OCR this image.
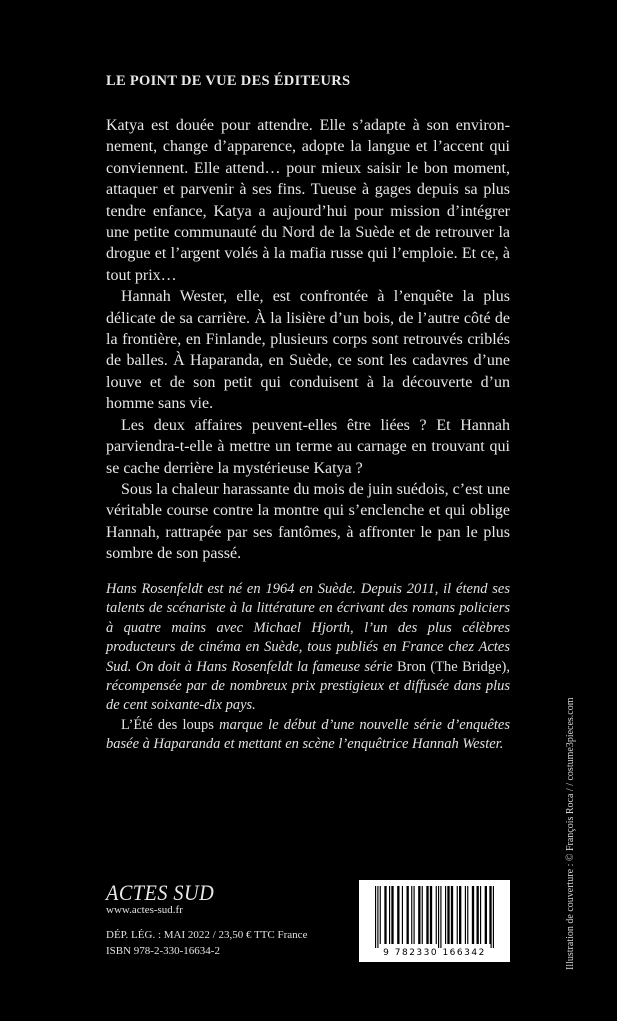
LE POINT DE VUE DES ÉDITEURS

Katya est douée pour attendre. Elle s’adapte à son environnement, change d’apparence, adopte la langue et l’accent qui conviennent. Elle attend… pour mieux saisir le bon moment, attaquer et parvenir à ses fins. Tueuse à gages depuis sa plus tendre enfance, Katya a aujourd’hui pour mission d’intégrer une petite communauté du Nord de la Suède et de retrouver la drogue et l’argent volés à la mafia russe qui l’emploie. Et ce, à tout prix…

Hannah Wester, elle, est confrontée à l’enquête la plus délicate de sa carrière. À la lisière d’un bois, de l’autre côté de la frontière, en Finlande, plusieurs corps sont retrouvés criblés de balles. À Haparanda, en Suède, ce sont les cadavres d’une louve et de son petit qui conduisent à la découverte d’un homme sans vie.

Les deux affaires peuvent-elles être liées ? Et Hannah parviendra-t-elle à mettre un terme au carnage en trouvant qui se cache derrière la mystérieuse Katya ?

Sous la chaleur harassante du mois de juin suédois, c’est une véritable course contre la montre qui s’enclenche et qui oblige Hannah, rattrapée par ses fantômes, à affronter le pan le plus sombre de son passé.

Hans Rosenfeldt est né en 1964 en Suède. Depuis 2011, il étend ses talents de scénariste à la littérature en écrivant des romans policiers à quatre mains avec Michael Hjorth, l’un des plus célèbres producteurs de cinéma en Suède, tous publiés en France chez Actes Sud. On doit à Hans Rosenfeldt la fameuse série Bron (The Bridge), récompensée par de nombreux prix prestigieux et diffusée dans plus de cent soixante-dix pays.

L’Été des loups marque le début d’une nouvelle série d’enquêtes basée à Haparanda et mettant en scène l’enquêtrice Hannah Wester.

ACTES SUD
www.actes-sud.fr
DÉP. LÉG. : MAI 2022 / 23,50 € TTC France
ISBN 978-2-330-16634-2	9 782330 166342	Illustration de couverture : © François Roca / / costume3pieces.com
